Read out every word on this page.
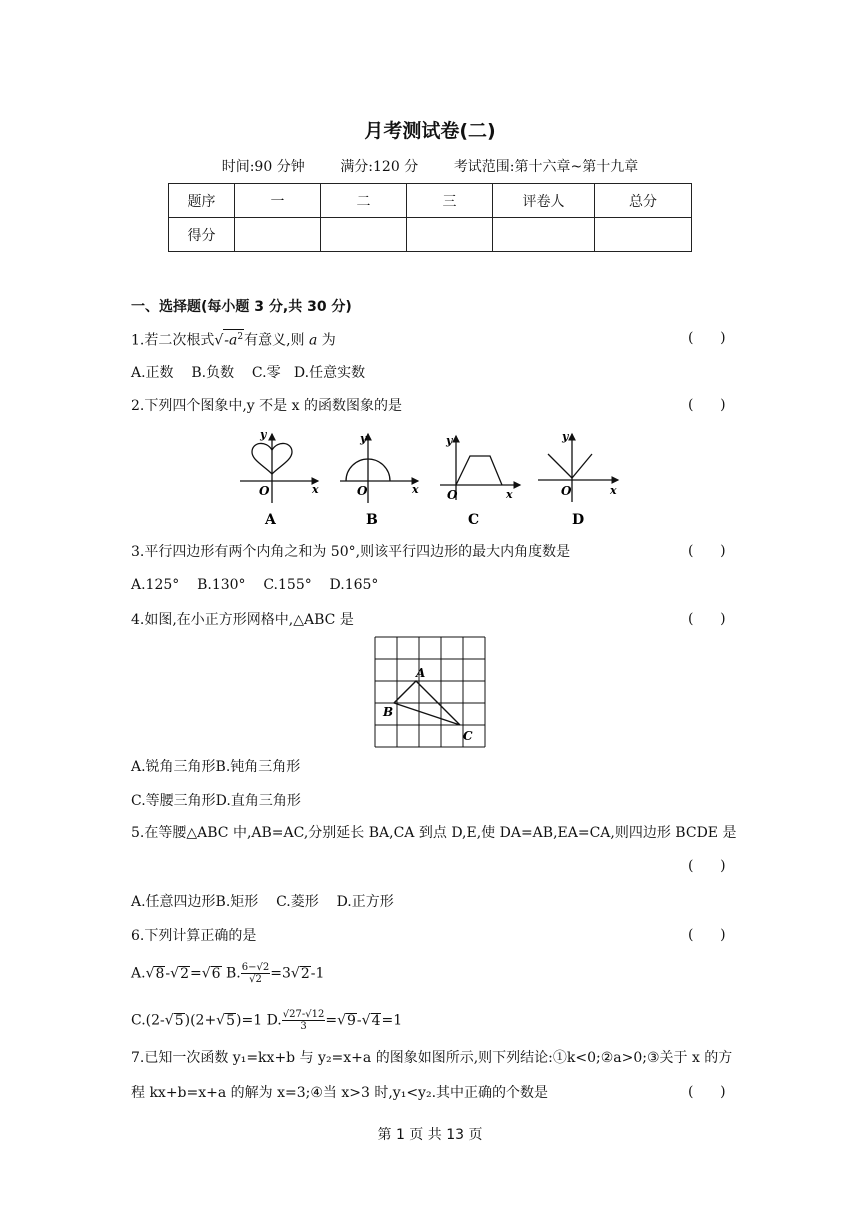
月考测试卷(二)
时间:90 分钟	满分:120 分	考试范围:第十六章~第十九章
题序	一	二	三	评卷人	总分
得分					
一、选择题(每小题 3 分,共 30 分)
1.若二次根式$√-a^2$有意义,则 a 为	(      )
A.正数    B.负数    C.零   D.任意实数
2.下列四个图象中,y 不是 x 的函数图象的是	(      )
y
x
O
A
y
x
O
B
y
x
O
C
y
x
O
D
3.平行四边形有两个内角之和为 50°,则该平行四边形的最大内角度数是	(      )
A.125°    B.130°    C.155°    D.165°
4.如图,在小正方形网格中,△ABC 是	(      )
A
B
C
A.锐角三角形B.钝角三角形
C.等腰三角形D.直角三角形
5.在等腰△ABC 中,AB=AC,分别延长 BA,CA 到点 D,E,使 DA=AB,EA=CA,则四边形 BCDE 是
(      )
A.任意四边形B.矩形    C.菱形    D.正方形
6.下列计算正确的是	(      )
A.√8-√2=√6 B. $\frac{6-√2}{√2} =3√2-1$
C.(2-√5)(2+√5)=1 D. $\frac{√27-√12}{3} =√9-√4=1$
7.已知一次函数 y₁=kx+b 与 y₂=x+a 的图象如图所示,则下列结论:①k<0;②a>0;③关于 x 的方
程 kx+b=x+a 的解为 x=3;④当 x>3 时,y₁<y₂.其中正确的个数是	(      )
第 1 页 共 13 页
